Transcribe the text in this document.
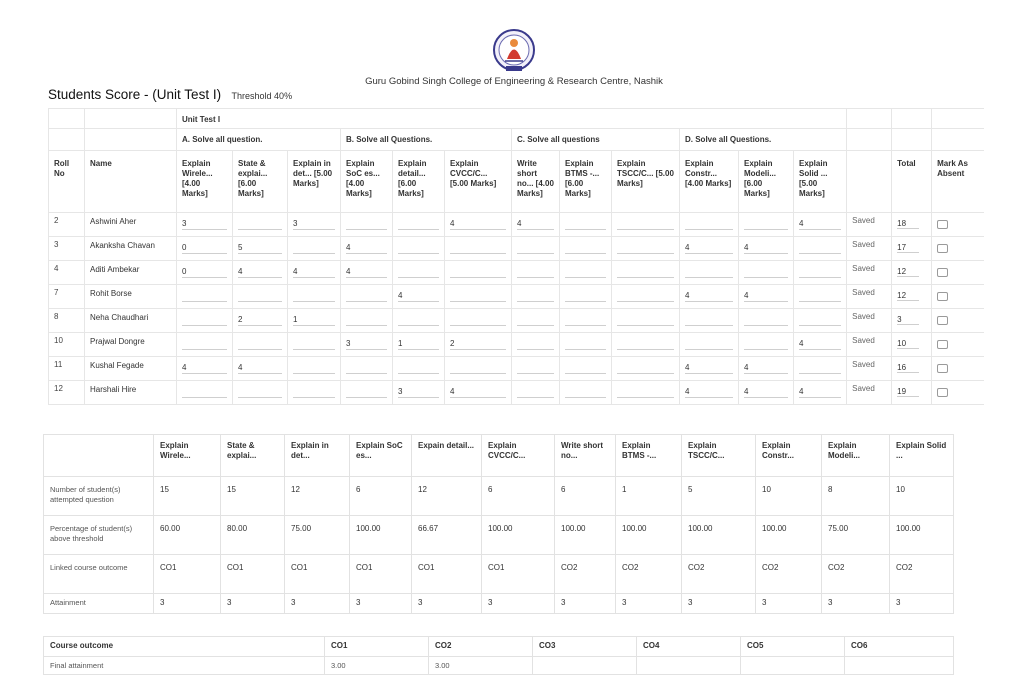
Guru Gobind Singh College of Engineering & Research Centre, Nashik
Students Score - (Unit Test I) Threshold 40%
		Unit Test I														
		A. Solve all question.			B. Solve all Questions.			C. Solve all questions			D. Solve all Questions.					
Roll No	Name	Explain Wirele... [4.00 Marks]	State & explai... [6.00 Marks]	Explain in det... [5.00 Marks]	Explain SoC es... [4.00 Marks]	Explain detail... [6.00 Marks]	Explain CVCC/C... [5.00 Marks]	Write short no... [4.00 Marks]	Explain BTMS -... [6.00 Marks]	Explain TSCC/C... [5.00 Marks]	Explain Constr... [4.00 Marks]	Explain Modeli... [6.00 Marks]	Explain Solid ... [5.00 Marks]		Total	Mark As Absent
2	Ashwini Aher	3		3			4	4					4	Saved	18	

3	Akanksha Chavan	0	5		4						4	4		Saved	17	

4	Aditi Ambekar	0	4	4	4									Saved	12	

7	Rohit Borse					4					4	4		Saved	12	

8	Neha Chaudhari		2	1										Saved	3	

10	Prajwal Dongre				3	1	2						4	Saved	10	

11	Kushal Fegade	4	4								4	4		Saved	16	

12	Harshali Hire					3	4				4	4	4	Saved	19	

	Explain Wirele...	State & explai...	Explain in det...	Explain SoC es...	Expain detail...	Explain CVCC/C...	Write short no...	Explain BTMS -...	Explain TSCC/C...	Explain Constr...	Explain Modeli...	Explain Solid ...
Number of student(s) attempted question	15	15	12	6	12	6	6	1	5	10	8	10
Percentage of student(s) above threshold	60.00	80.00	75.00	100.00	66.67	100.00	100.00	100.00	100.00	100.00	75.00	100.00
Linked course outcome	CO1	CO1	CO1	CO1	CO1	CO1	CO2	CO2	CO2	CO2	CO2	CO2
Attainment	3	3	3	3	3	3	3	3	3	3	3	3
Course outcome	CO1	CO2	CO3	CO4	CO5	CO6
Final attainment	3.00	3.00				
